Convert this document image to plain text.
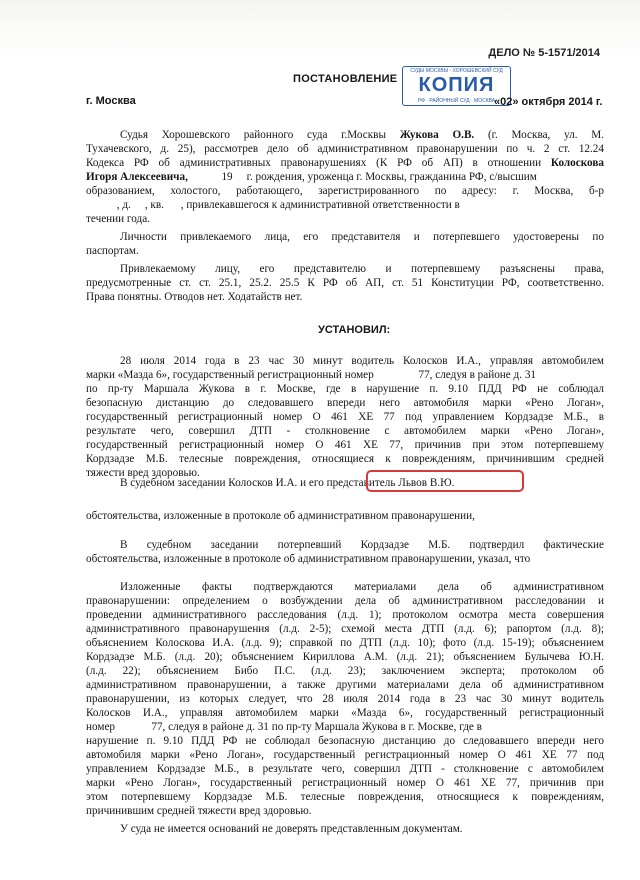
ДЕЛО № 5-1571/2014
ПОСТАНОВЛЕНИЕ
СУДЫ МОСКВЫ · ХОРОШЕВСКИЙ СУД
КОПИЯ
РФ · РАЙОННЫЙ СУД · МОСКВА
г. Москва	«02» октября 2014 г.
Судья Хорошевского районного суда г.Москвы Жукова О.В. (г. Москва, ул. М.
Тухачевского, д. 25), рассмотрев дело об административном правонарушении по ч. 2 ст. 12.24
Кодекса РФ об административных правонарушениях (К РФ об АП) в отношении Колоскова
Игоря Алексеевича,            19     г. рождения, уроженца г. Москвы, гражданина РФ, с/высшим
образованием, холостого, работающего, зарегистрированного по адресу: г. Москва, б-р
, д.     , кв.      , привлекавшегося к административной ответственности в
течении года.
Личности привлекаемого лица, его представителя и потерпевшего удостоверены по
паспортам.
Привлекаемому лицу, его представителю и потерпевшему разъяснены права,
предусмотренные ст. ст. 25.1, 25.2. 25.5 К РФ об АП, ст. 51 Конституции РФ, соответственно.
Права понятны. Отводов нет. Ходатайств нет.
УСТАНОВИЛ:
28 июля 2014 года в 23 час 30 минут водитель Колосков И.А., управляя автомобилем
марки «Мазда 6», государственный регистрационный номер                77, следуя в районе д. 31
по пр-ту Маршала Жукова в г. Москве, где в нарушение п. 9.10 ПДД РФ не соблюдал
безопасную дистанцию до следовавшего впереди него автомобиля марки «Рено Логан»,
государственный регистрационный номер О 461 ХЕ 77 под управлением Кордзадзе М.Б., в
результате чего, совершил ДТП - столкновение с автомобилем марки «Рено Логан»,
государственный регистрационный номер О 461 ХЕ 77, причинив при этом потерпевшему
Кордзадзе М.Б. телесные повреждения, относящиеся к повреждениям, причинившим средней
тяжести вред здоровью.
В судебном заседании Колосков И.А. и его представитель Львов В.Ю.
обстоятельства, изложенные в протоколе об административном правонарушении,
В судебном заседании потерпевший Кордзадзе М.Б. подтвердил фактические
обстоятельства, изложенные в протоколе об административном правонарушении, указал, что
Изложенные факты подтверждаются материалами дела об административном
правонарушении: определением о возбуждении дела об административном расследовании и
проведении административного расследования (л.д. 1); протоколом осмотра места совершения
административного правонарушения (л.д. 2-5); схемой места ДТП (л.д. 6); рапортом (л.д. 8);
объяснением Колоскова И.А. (л.д. 9); справкой по ДТП (л.д. 10); фото (л.д. 15-19); объяснением
Кордзадзе М.Б. (л.д. 20); объяснением Кириллова А.М. (л.д. 21); объяснением Булычева Ю.Н.
(л.д. 22); объяснением Бибо П.С. (л.д. 23); заключением эксперта; протоколом об
административном правонарушении, а также другими материалами дела об административном
правонарушении, из которых следует, что 28 июля 2014 года в 23 час 30 минут водитель
Колосков И.А., управляя автомобилем марки «Мазда 6», государственный регистрационный
номер             77, следуя в районе д. 31 по пр-ту Маршала Жукова в г. Москве, где в
нарушение п. 9.10 ПДД РФ не соблюдал безопасную дистанцию до следовавшего впереди него
автомобиля марки «Рено Логан», государственный регистрационный номер О 461 ХЕ 77 под
управлением Кордзадзе М.Б., в результате чего, совершил ДТП - столкновение с автомобилем
марки «Рено Логан», государственный регистрационный номер О 461 ХЕ 77, причинив при
этом потерпевшему Кордзадзе М.Б. телесные повреждения, относящиеся к повреждениям,
причинившим средней тяжести вред здоровью.
У суда не имеется оснований не доверять представленным документам.
